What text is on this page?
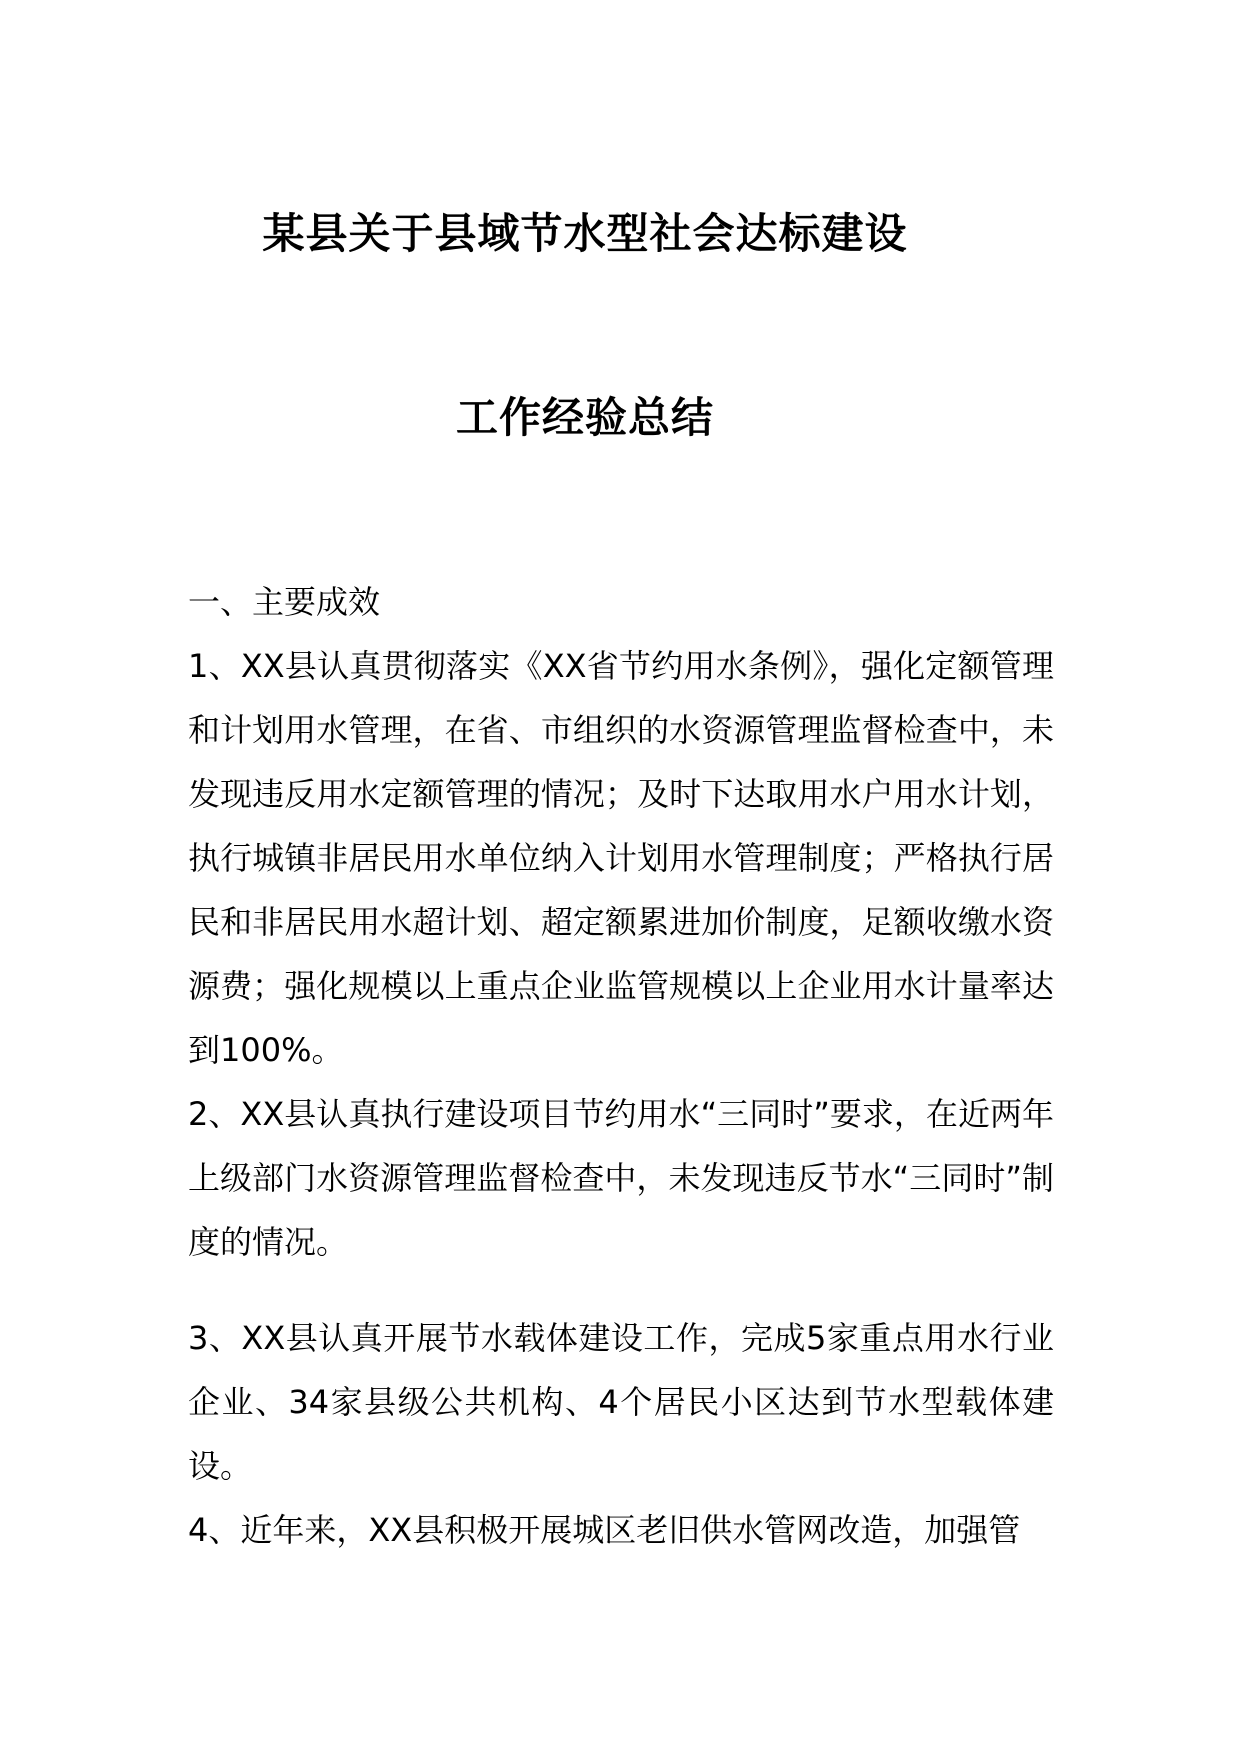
某县关于县域节水型社会达标建设
工作经验总结
一、主要成效

1、XX县认真贯彻落实《XX省节约用水条例》，强化定额管理和计划用水管理，在省、市组织的水资源管理监督检查中，未发现违反用水定额管理的情况；及时下达取用水户用水计划，执行城镇非居民用水单位纳入计划用水管理制度；严格执行居民和非居民用水超计划、超定额累进加价制度，足额收缴水资源费；强化规模以上重点企业监管规模以上企业用水计量率达到100%。

2、XX县认真执行建设项目节约用水“三同时”要求，在近两年上级部门水资源管理监督检查中，未发现违反节水“三同时”制度的情况。

3、XX县认真开展节水载体建设工作，完成5家重点用水行业企业、34家县级公共机构、4个居民小区达到节水型载体建设。

4、近年来，XX县积极开展城区老旧供水管网改造，加强管
